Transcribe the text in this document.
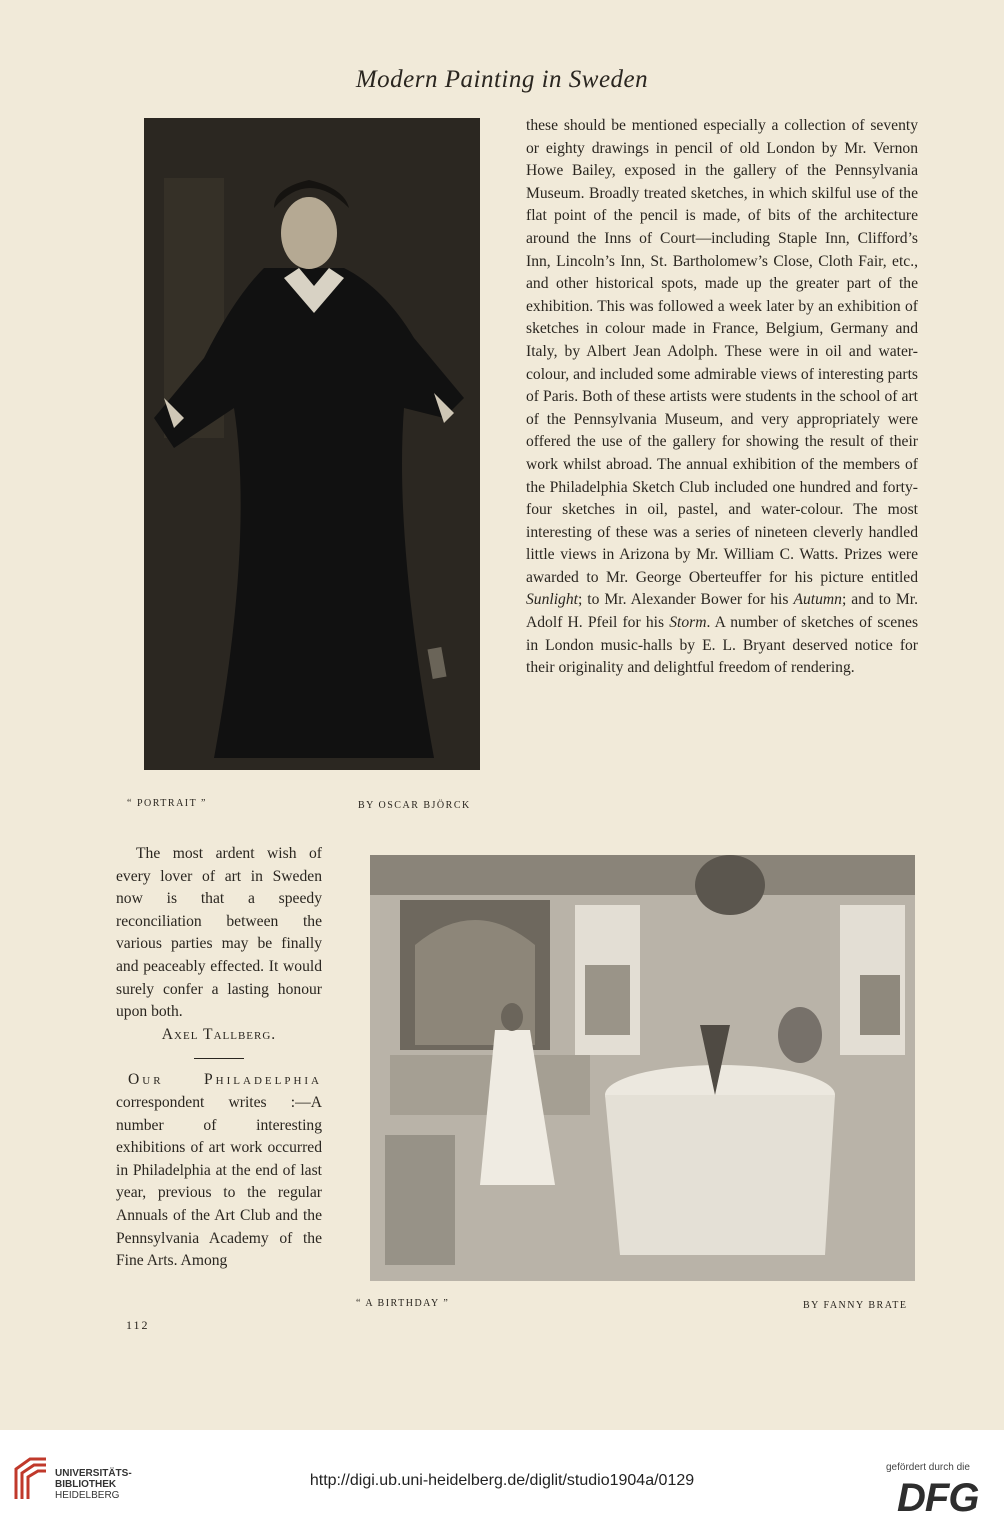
Modern Painting in Sweden
“ PORTRAIT ”	BY OSCAR BJÖRCK

these should be mentioned especially a collection of seventy or eighty drawings in pencil of old London by Mr. Vernon Howe Bailey, exposed in the gallery of the Pennsylvania Museum. Broadly treated sketches, in which skilful use of the flat point of the pencil is made, of bits of the architecture around the Inns of Court—including Staple Inn, Clifford’s Inn, Lincoln’s Inn, St. Bartholomew’s Close, Cloth Fair, etc., and other historical spots, made up the greater part of the exhibition. This was followed a week later by an exhibition of sketches in colour made in France, Belgium, Germany and Italy, by Albert Jean Adolph. These were in oil and water-colour, and included some admirable views of interesting parts of Paris. Both of these artists were students in the school of art of the Pennsylvania Museum, and very appropriately were offered the use of the gallery for showing the result of their work whilst abroad. The annual exhibition of the members of the Philadelphia Sketch Club included one hundred and forty-four sketches in oil, pastel, and water-colour. The most interesting of these was a series of nineteen cleverly handled little views in Arizona by Mr. William C. Watts. Prizes were awarded to Mr. George Oberteuffer for his picture entitled Sunlight; to Mr. Alexander Bower for his Autumn; and to Mr. Adolf H. Pfeil for his Storm. A number of sketches of scenes in London music-halls by E. L. Bryant deserved notice for their originality and delightful freedom of rendering.

The most ardent wish of every lover of art in Sweden now is that a speedy reconciliation between the various parties may be finally and peaceably effected. It would surely confer a lasting honour upon both.

Axel Tallberg.

Our Philadelphia correspondent writes :—A number of interesting exhibitions of art work occurred in Philadelphia at the end of last year, previous to the regular Annuals of the Art Club and the Pennsylvania Academy of the Fine Arts. Among

“ A BIRTHDAY ”	BY FANNY BRATE
112
UNIVERSITÄTS-
BIBLIOTHEK
HEIDELBERG
http://digi.ub.uni-heidelberg.de/diglit/studio1904a/0129
gefördert durch die
DFG
